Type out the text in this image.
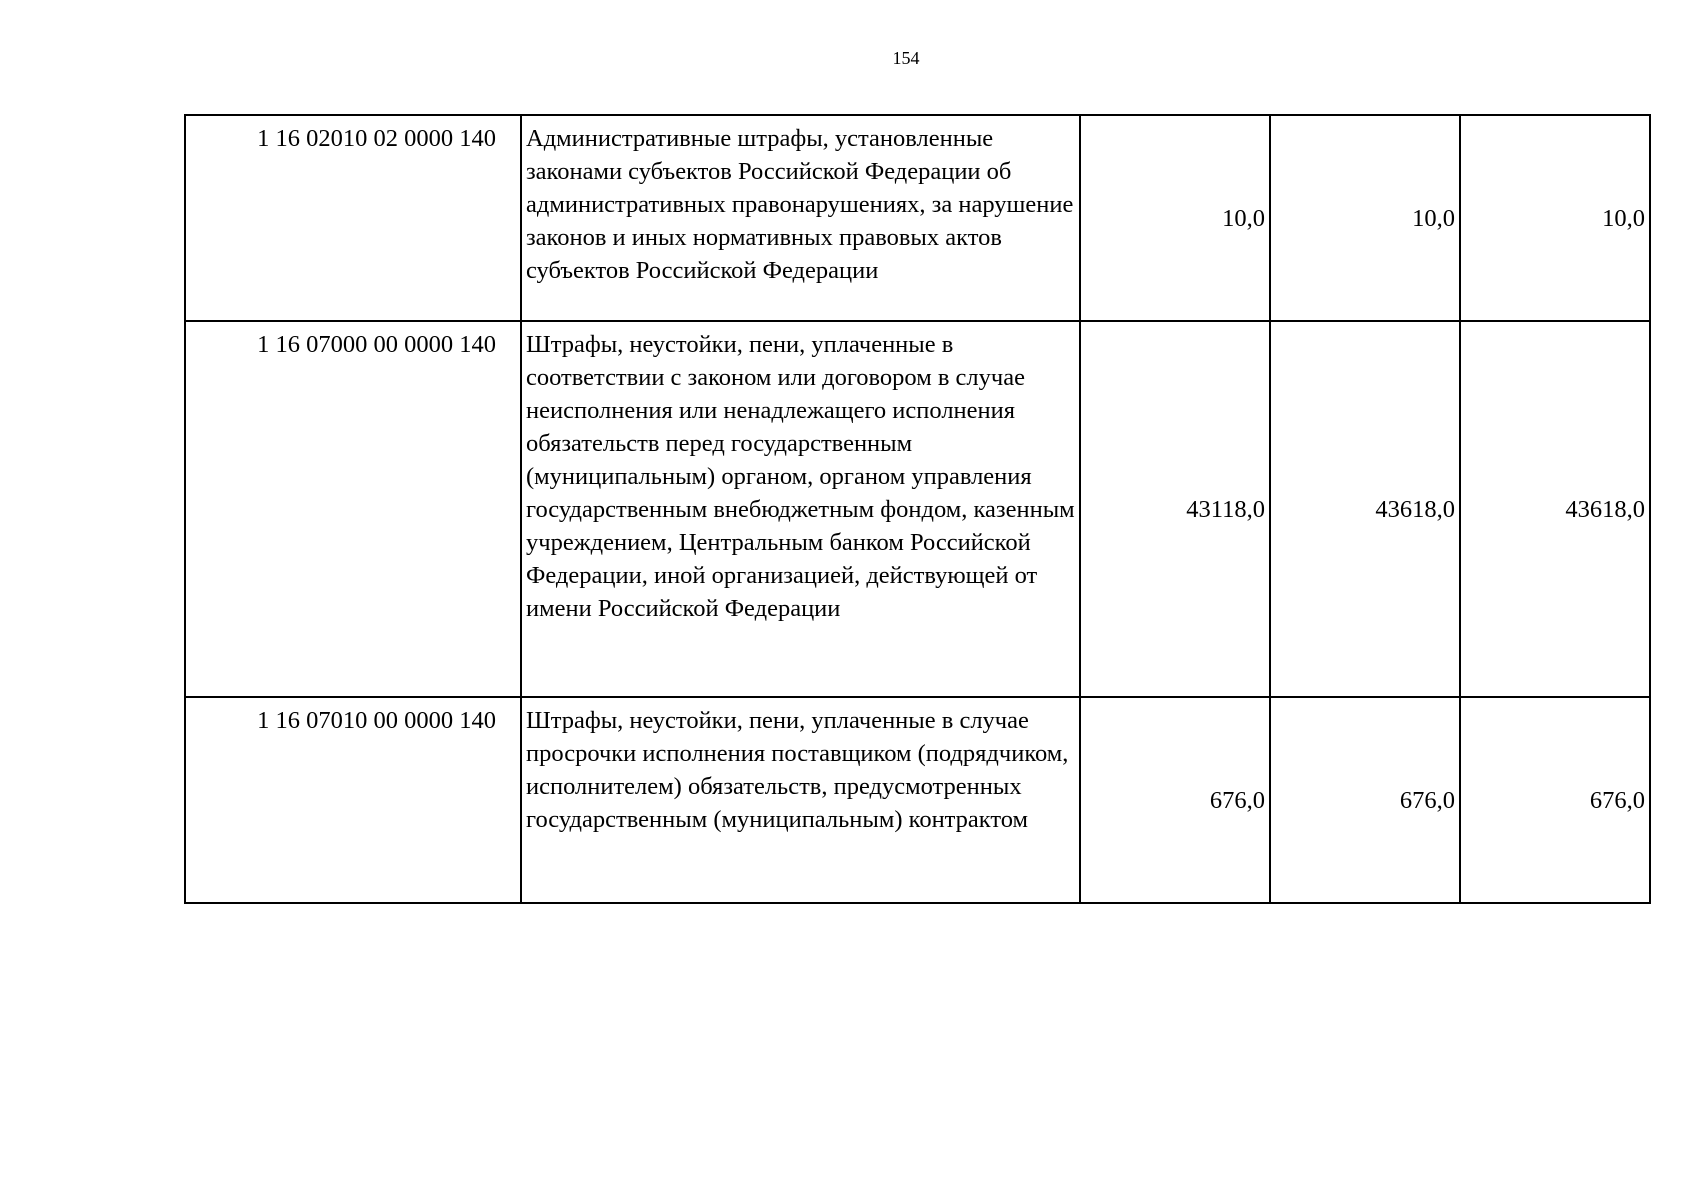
154
1 16 02010 02 0000 140	Административные штрафы, установленные законами субъектов Российской Федерации об административных правонарушениях, за нарушение законов и иных нормативных правовых актов субъектов Российской Федерации	10,0	10,0	10,0
1 16 07000 00 0000 140	Штрафы, неустойки, пени, уплаченные в соответствии с законом или договором в случае неисполнения или ненадлежащего исполнения обязательств перед государственным (муниципальным) органом, органом управления государственным внебюджетным фондом, казенным учреждением, Центральным банком Российской Федерации, иной организацией, действующей от имени Российской Федерации	43118,0	43618,0	43618,0
1 16 07010 00 0000 140	Штрафы, неустойки, пени, уплаченные в случае просрочки исполнения поставщиком (подрядчиком, исполнителем) обязательств, предусмотренных государственным (муниципальным) контрактом	676,0	676,0	676,0
